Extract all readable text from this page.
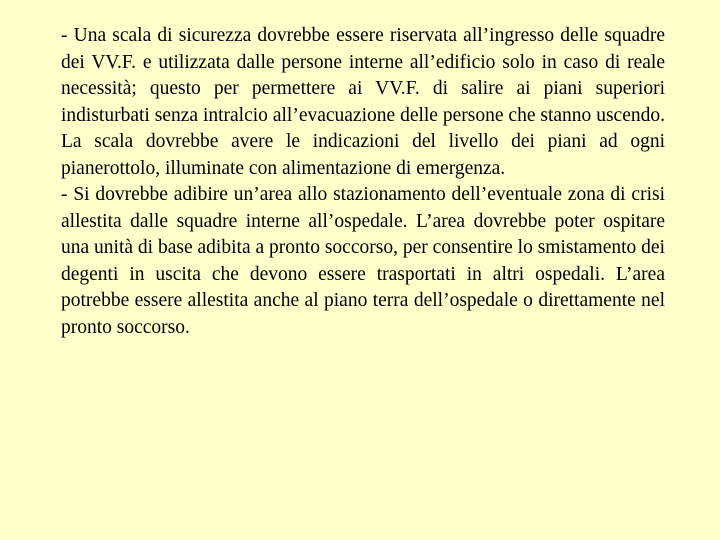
- Una scala di sicurezza dovrebbe essere riservata all’ingresso delle squadre dei VV.F. e utilizzata dalle persone interne all’edificio solo in caso di reale necessità; questo per permettere ai VV.F. di salire ai piani superiori indisturbati senza intralcio all’evacuazione delle persone che stanno uscendo. La scala dovrebbe avere le indicazioni del livello dei piani ad ogni pianerottolo, illuminate con alimentazione di emergenza.

- Si dovrebbe adibire un’area allo stazionamento dell’eventuale zona di crisi allestita dalle squadre interne all’ospedale. L’area dovrebbe poter ospitare una unità di base adibita a pronto soccorso, per consentire lo smistamento dei degenti in uscita che devono essere trasportati in altri ospedali. L’area potrebbe essere allestita anche al piano terra dell’ospedale o direttamente nel pronto soccorso.
